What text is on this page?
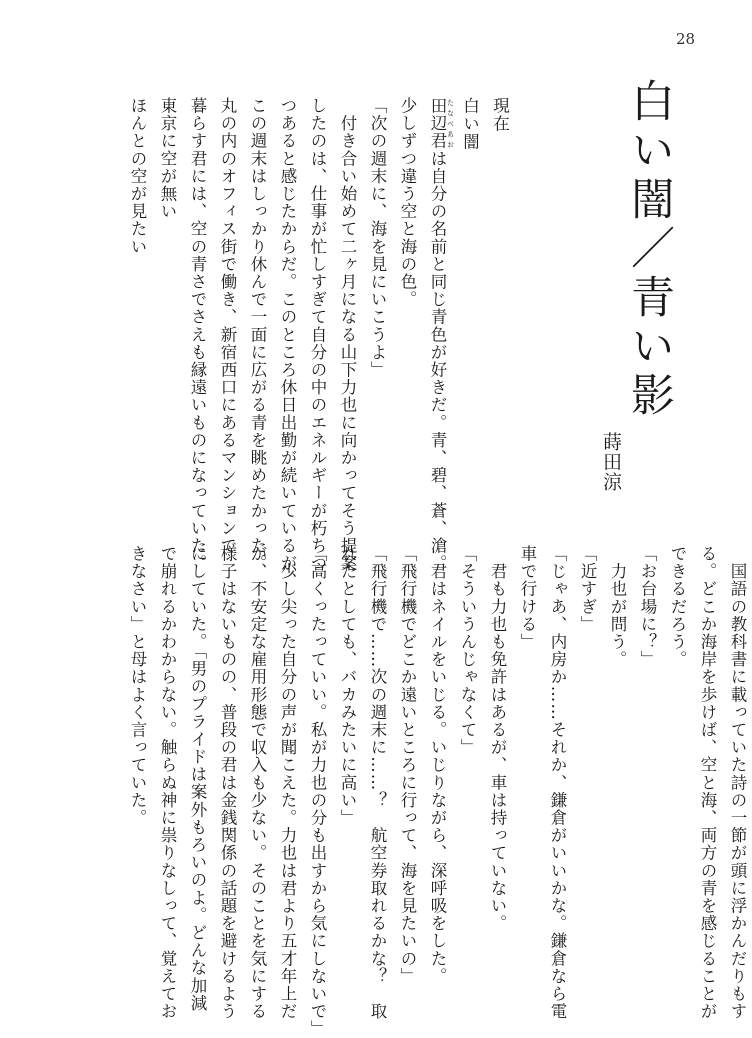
28
白い闇／青い影
蒔田涼
現在
白い闇
田辺君 たなべあおは自分の名前と同じ青色が好きだ。青、碧、蒼、滄。
少しずつ違う空と海の色。
「次の週末に、海を見にいこうよ」
　付き合い始めて二ヶ月になる山下力也に向かってそう提案
したのは、仕事が忙しすぎて自分の中のエネルギーが朽ちつ
つあると感じたからだ。このところ休日出勤が続いているが、
この週末はしっかり休んで一面に広がる青を眺めたかった。
丸の内のオフィス街で働き、新宿西口にあるマンションで
暮らす君には、空の青さでさえも縁遠いものになっていた。
東京に空が無い
ほんとの空が見たい
　国語の教科書に載っていた詩の一節が頭に浮かんだりもす
る。どこか海岸を歩けば、空と海、両方の青を感じることが
できるだろう。
「お台場に？」
　力也が問う。
「近すぎ」
「じゃあ、内房か……それか、鎌倉がいいかな。鎌倉なら電
車で行ける」
　君も力也も免許はあるが、車は持っていない。
「そういうんじゃなくて」
　君はネイルをいじる。いじりながら、深呼吸をした。
「飛行機でどこか遠いところに行って、海を見たいの」
「飛行機で……次の週末に……？　航空券取れるかな？　取
れたとしても、バカみたいに高い」
「高くったっていい。私が力也の分も出すから気にしないで」
　少し尖った自分の声が聞こえた。力也は君より五才年上だ
が、不安定な雇用形態で収入も少ない。そのことを気にする
様子はないものの、普段の君は金銭関係の話題を避けるよう
にしていた。「男のプライドは案外もろいのよ。どんな加減
で崩れるかわからない。触らぬ神に祟りなしって、覚えてお
きなさい」と母はよく言っていた。
